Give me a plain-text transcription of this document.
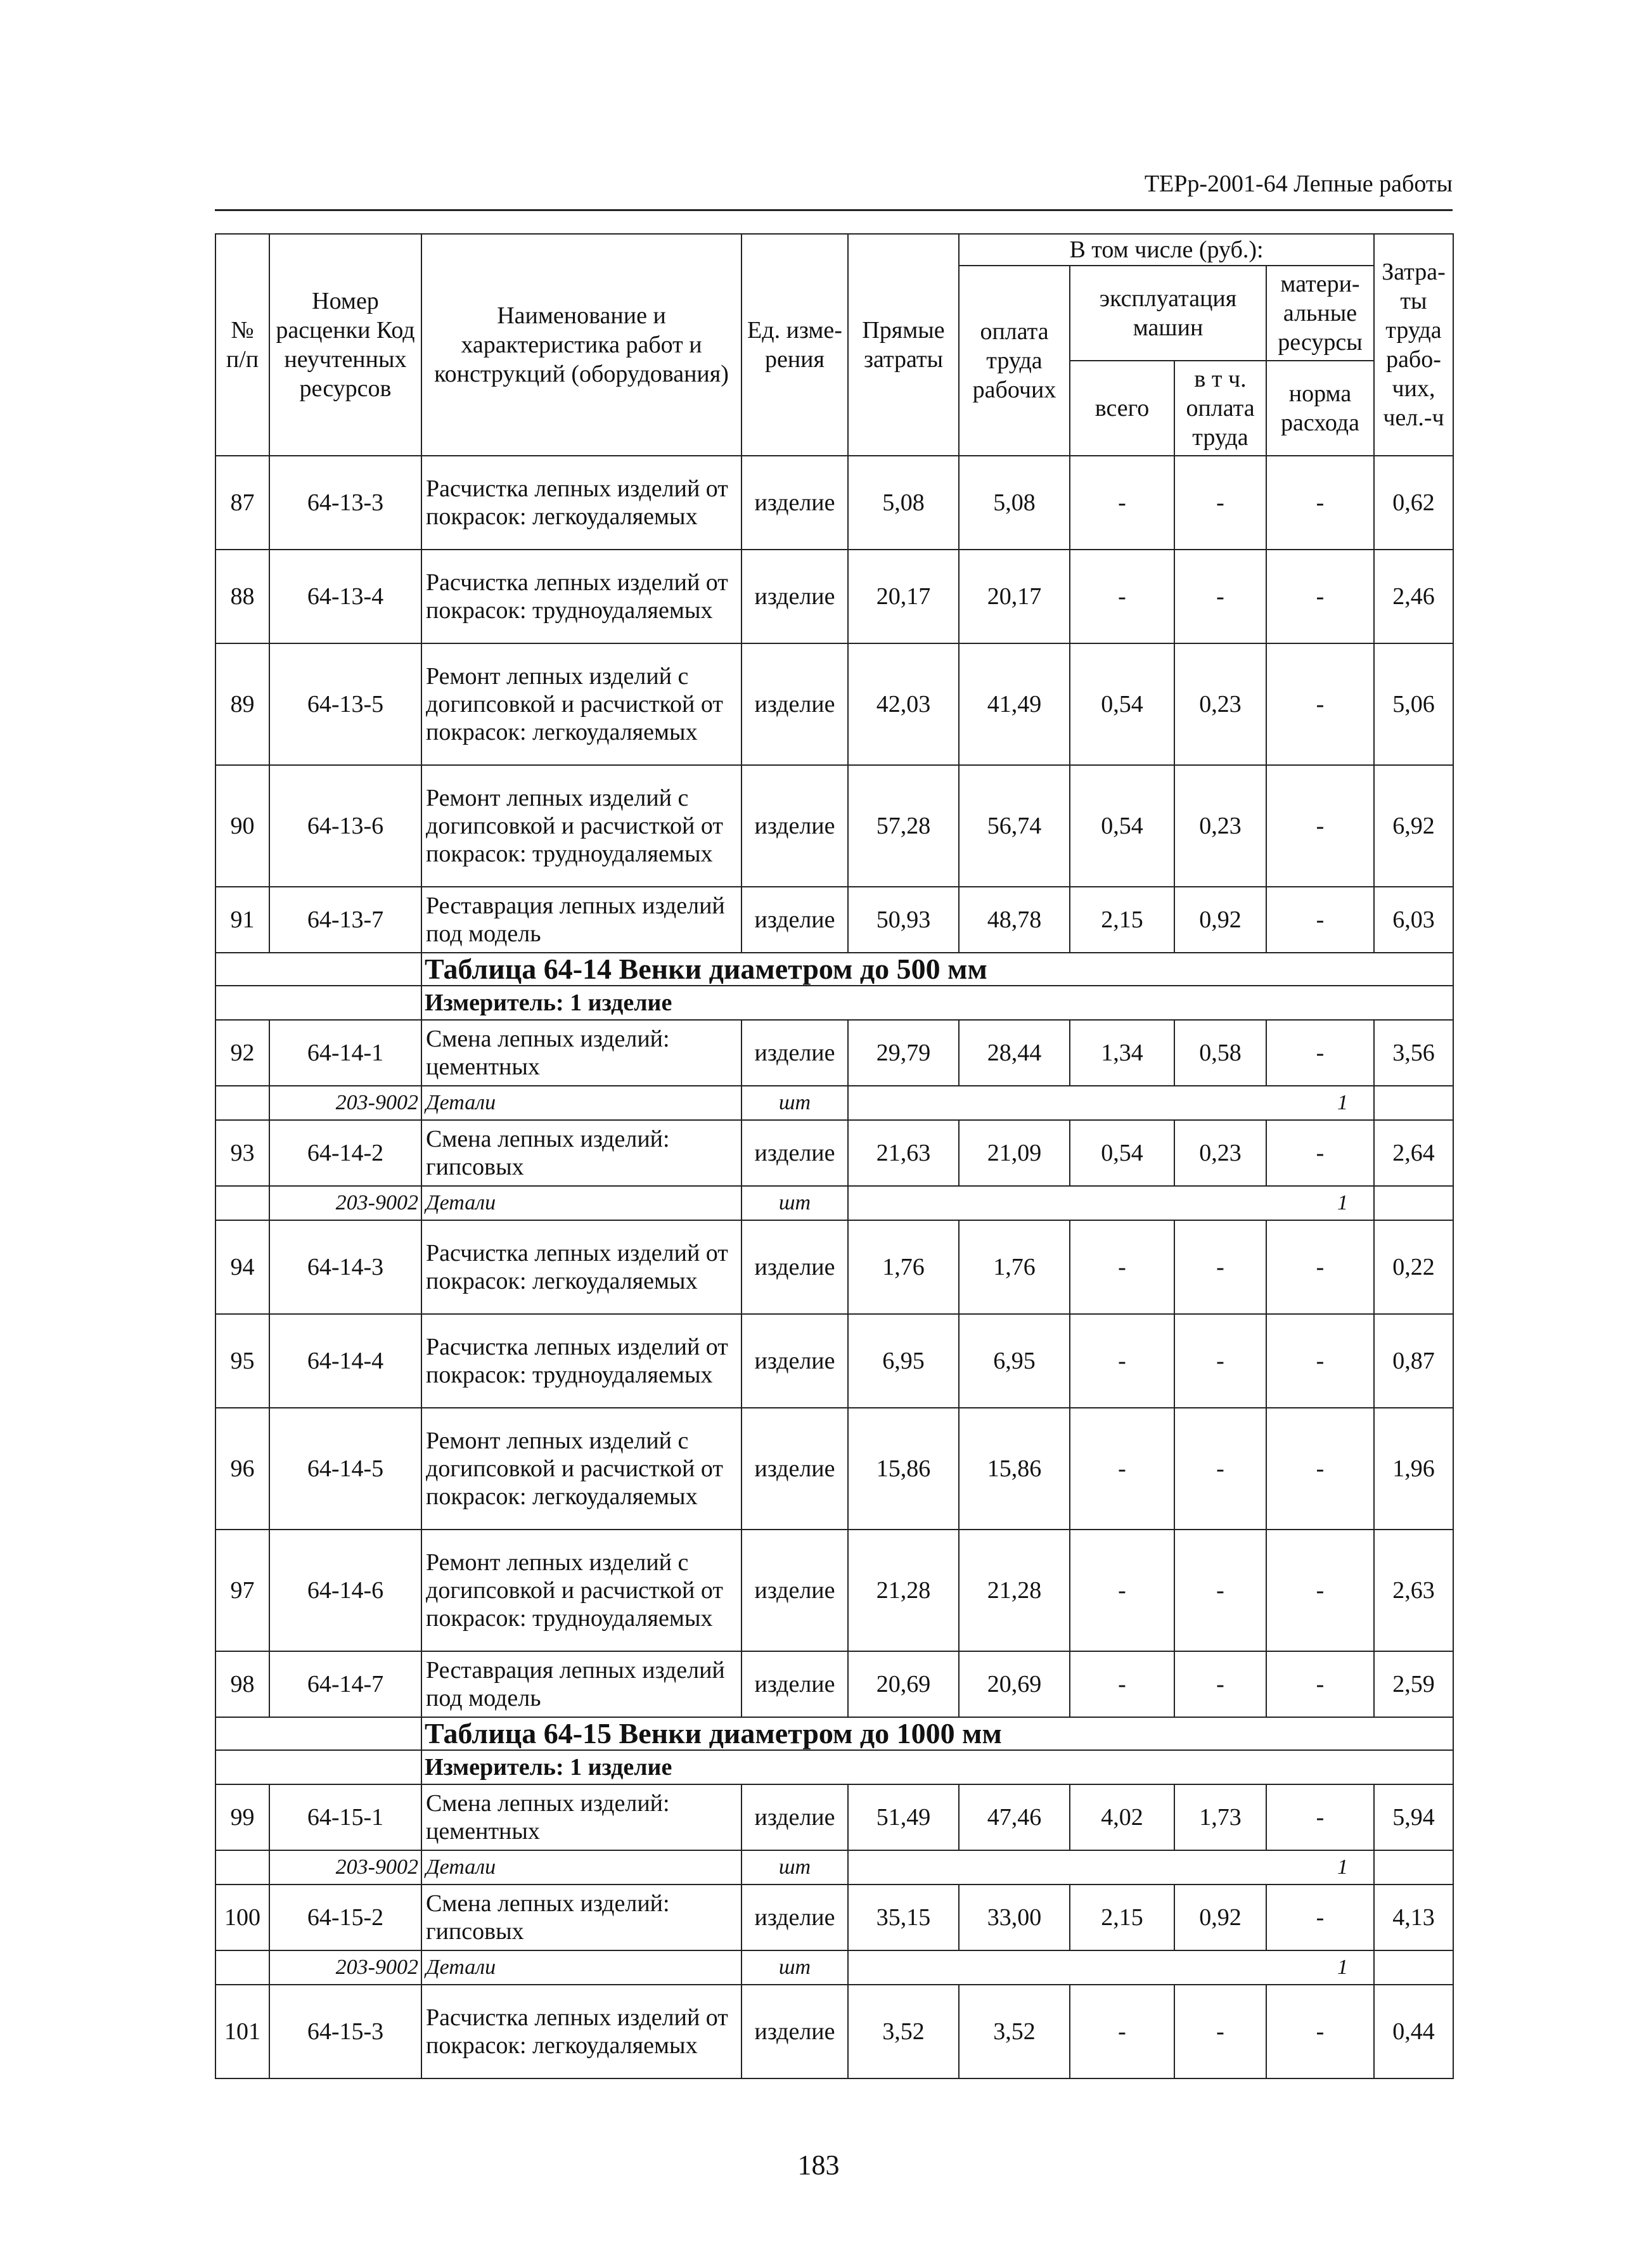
ТЕРр-2001-64 Лепные работы
№ п/п	Номер расценки Код неучтенных ресурсов	Наименование и характеристика работ и конструкций (оборудования)	Ед. изме-рения	Прямые затраты	В том числе (руб.):				Затра-ты труда рабо-чих, чел.-ч
					оплата труда рабочих	эксплуатация машин		матери-альные ресурсы	
						всего	в т ч. оплата труда	норма расхода	

87	64-13-3	Расчистка лепных изделий от покрасок: легкоудаляемых	изделие	5,08	5,08	-	-	-	0,62
88	64-13-4	Расчистка лепных изделий от покрасок: трудноудаляемых	изделие	20,17	20,17	-	-	-	2,46
89	64-13-5	Ремонт лепных изделий с догипсовкой и расчисткой от покрасок: легкоудаляемых	изделие	42,03	41,49	0,54	0,23	-	5,06
90	64-13-6	Ремонт лепных изделий с догипсовкой и расчисткой от покрасок: трудноудаляемых	изделие	57,28	56,74	0,54	0,23	-	6,92
91	64-13-7	Реставрация лепных изделий под модель	изделие	50,93	48,78	2,15	0,92	-	6,03
		Таблица 64-14 Венки диаметром до 500 мм							
		Измеритель: 1 изделие							
92	64-14-1	Смена лепных изделий: цементных	изделие	29,79	28,44	1,34	0,58	-	3,56
	203-9002	Детали	шт	1					
93	64-14-2	Смена лепных изделий: гипсовых	изделие	21,63	21,09	0,54	0,23	-	2,64
	203-9002	Детали	шт	1					
94	64-14-3	Расчистка лепных изделий от покрасок: легкоудаляемых	изделие	1,76	1,76	-	-	-	0,22
95	64-14-4	Расчистка лепных изделий от покрасок: трудноудаляемых	изделие	6,95	6,95	-	-	-	0,87
96	64-14-5	Ремонт лепных изделий с догипсовкой и расчисткой от покрасок: легкоудаляемых	изделие	15,86	15,86	-	-	-	1,96
97	64-14-6	Ремонт лепных изделий с догипсовкой и расчисткой от покрасок: трудноудаляемых	изделие	21,28	21,28	-	-	-	2,63
98	64-14-7	Реставрация лепных изделий под модель	изделие	20,69	20,69	-	-	-	2,59
		Таблица 64-15 Венки диаметром до 1000 мм							
		Измеритель: 1 изделие							
99	64-15-1	Смена лепных изделий: цементных	изделие	51,49	47,46	4,02	1,73	-	5,94
	203-9002	Детали	шт	1					
100	64-15-2	Смена лепных изделий: гипсовых	изделие	35,15	33,00	2,15	0,92	-	4,13
	203-9002	Детали	шт	1					
101	64-15-3	Расчистка лепных изделий от покрасок: легкоудаляемых	изделие	3,52	3,52	-	-	-	0,44
183
